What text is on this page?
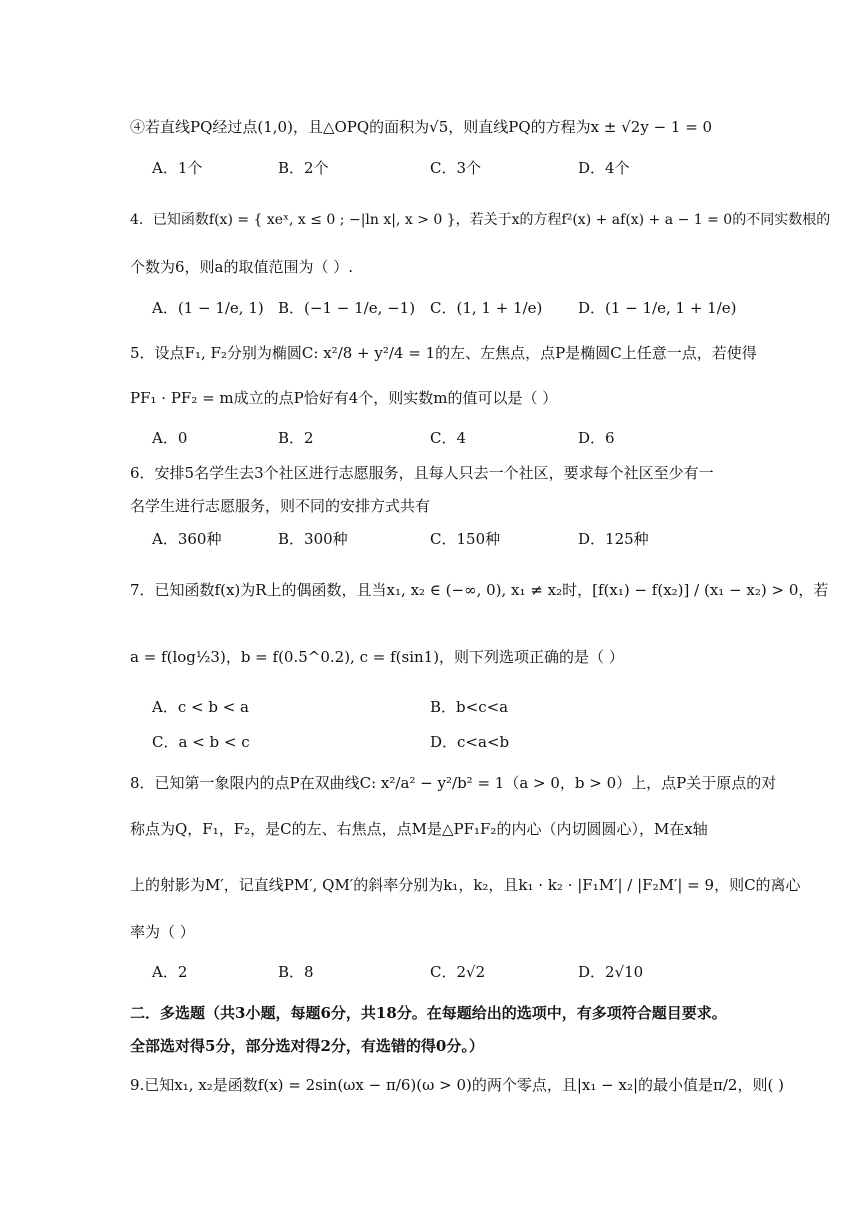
④若直线PQ经过点(1,0)，且△OPQ的面积为√5，则直线PQ的方程为x ± √2y − 1 = 0
A．1个	B．2个	C．3个	D．4个
4．已知函数f(x) = { xeˣ, x ≤ 0 ; −|ln x|, x > 0 }，若关于x的方程f²(x) + af(x) + a − 1 = 0的不同实数根的
个数为6，则a的取值范围为（ ）.
A．(1 − 1/e, 1) B．(−1 − 1/e, −1) C．(1, 1 + 1/e) D．(1 − 1/e, 1 + 1/e)
5．设点F₁, F₂分别为椭圆C: x²/8 + y²/4 = 1的左、左焦点，点P是椭圆C上任意一点，若使得
PF₁ · PF₂ = m成立的点P恰好有4个，则实数m的值可以是（ ）
A．0	B．2	C．4	D．6
6．安排5名学生去3个社区进行志愿服务，且每人只去一个社区，要求每个社区至少有一
名学生进行志愿服务，则不同的安排方式共有
A．360种	B．300种	C．150种	D．125种
7．已知函数f(x)为R上的偶函数，且当x₁, x₂ ∈ (−∞, 0), x₁ ≠ x₂时，[f(x₁) − f(x₂)] / (x₁ − x₂) > 0，若
a = f(log½3)，b = f(0.5^0.2), c = f(sin1)，则下列选项正确的是（ ）
A．c < b < a	B．b<c<a
C．a < b < c	D．c<a<b
8．已知第一象限内的点P在双曲线C: x²/a² − y²/b² = 1（a > 0，b > 0）上，点P关于原点的对
称点为Q，F₁，F₂，是C的左、右焦点，点M是△PF₁F₂的内心（内切圆圆心），M在x轴
上的射影为M′，记直线PM′, QM′的斜率分别为k₁，k₂，且k₁ · k₂ · |F₁M′| / |F₂M′| = 9，则C的离心
率为（ ）
A．2	B．8	C．2√2	D．2√10
二．多选题（共3小题，每题6分，共18分。在每题给出的选项中，有多项符合题目要求。
全部选对得5分，部分选对得2分，有选错的得0分。）
9.已知x₁, x₂是函数f(x) = 2sin(ωx − π/6)(ω > 0)的两个零点，且|x₁ − x₂|的最小值是π/2，则( )
